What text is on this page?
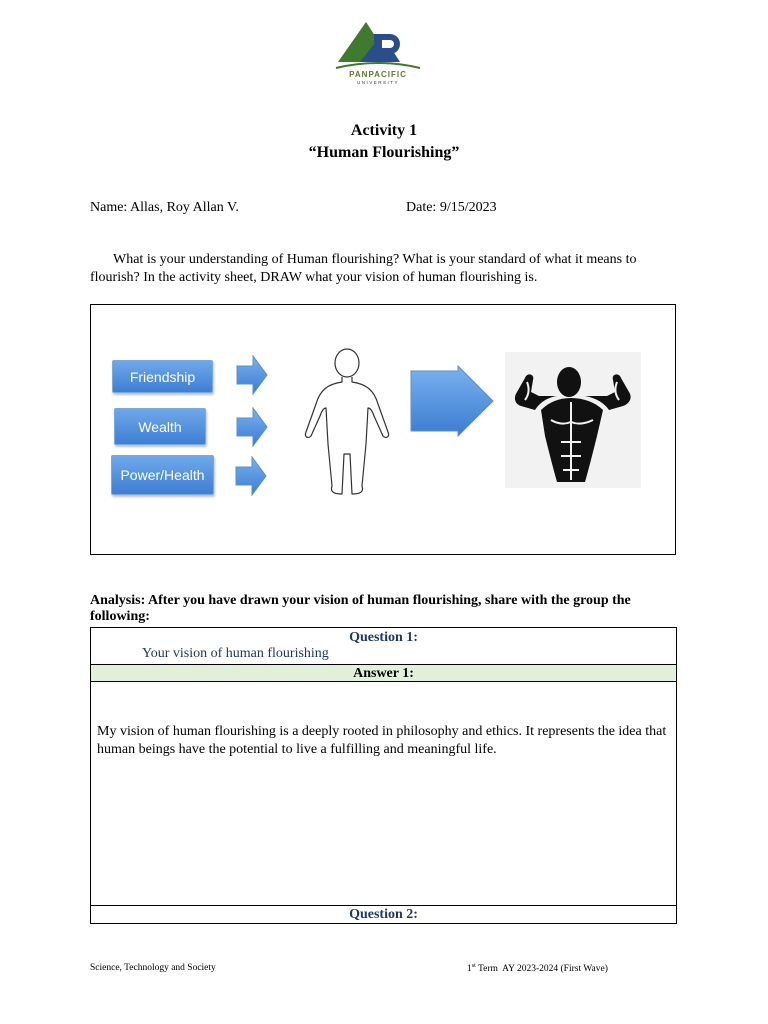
PANPACIFIC
UNIVERSITY
Activity 1
“Human Flourishing”
Name: Allas, Roy Allan V.	Date: 9/15/2023
What is your understanding of Human flourishing? What is your standard of what it means to flourish? In the activity sheet, DRAW what your vision of human flourishing is.
Friendship
Wealth
Power/Health
Analysis: After you have drawn your vision of human flourishing, share with the group the following:
Question 1:
Your vision of human flourishing
Answer 1:
My vision of human flourishing is a deeply rooted in philosophy and ethics. It represents the idea that human beings have the potential to live a fulfilling and meaningful life.
Question 2:
Science, Technology and Society	1st Term  AY 2023-2024 (First Wave)
